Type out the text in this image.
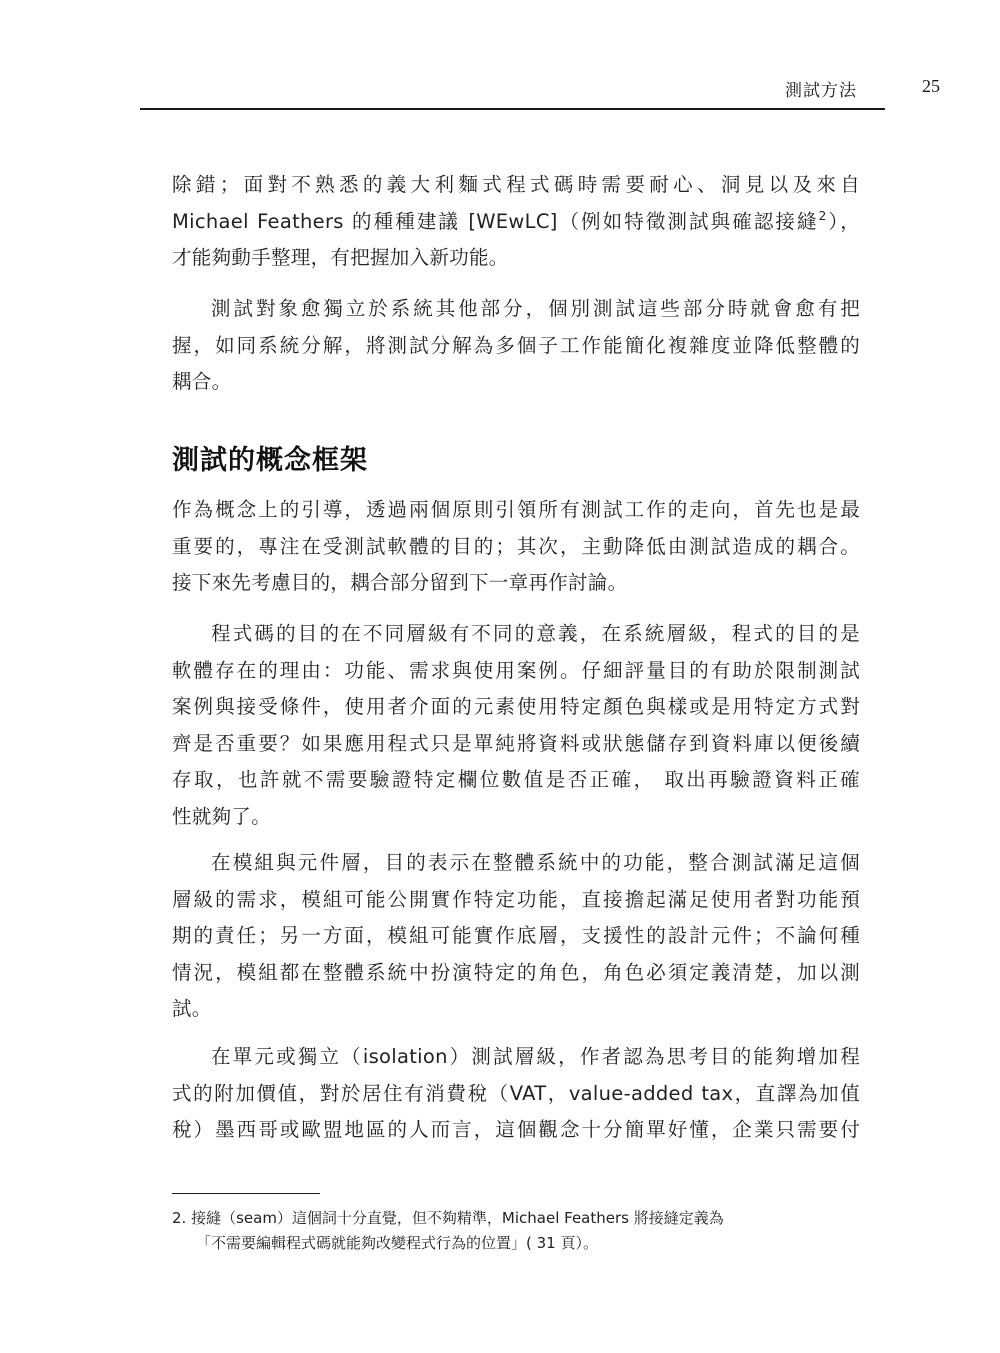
測試方法	25
除錯；面對不熟悉的義大利麵式程式碼時需要耐心、洞見以及來自
Michael Feathers 的種種建議 [WEwLC]（例如特徵測試與確認接縫$^2$），
才能夠動手整理，有把握加入新功能。
測試對象愈獨立於系統其他部分，個別測試這些部分時就會愈有把
握，如同系統分解，將測試分解為多個子工作能簡化複雜度並降低整體的
耦合。
測試的概念框架
作為概念上的引導，透過兩個原則引領所有測試工作的走向，首先也是最
重要的，專注在受測試軟體的目的；其次，主動降低由測試造成的耦合。
接下來先考慮目的，耦合部分留到下一章再作討論。
程式碼的目的在不同層級有不同的意義，在系統層級，程式的目的是
軟體存在的理由：功能、需求與使用案例。仔細評量目的有助於限制測試
案例與接受條件，使用者介面的元素使用特定顏色與樣或是用特定方式對
齊是否重要？如果應用程式只是單純將資料或狀態儲存到資料庫以便後續
存取，也許就不需要驗證特定欄位數值是否正確， 取出再驗證資料正確
性就夠了。
在模組與元件層，目的表示在整體系統中的功能，整合測試滿足這個
層級的需求，模組可能公開實作特定功能，直接擔起滿足使用者對功能預
期的責任；另一方面，模組可能實作底層，支援性的設計元件；不論何種
情況，模組都在整體系統中扮演特定的角色，角色必須定義清楚，加以測
試。
在單元或獨立（isolation）測試層級，作者認為思考目的能夠增加程
式的附加價值，對於居住有消費稅（VAT，value-added tax，直譯為加值
稅）墨西哥或歐盟地區的人而言，這個觀念十分簡單好懂，企業只需要付
2. 接縫（seam）這個詞十分直覺，但不夠精準，Michael Feathers 將接縫定義為
「不需要編輯程式碼就能夠改變程式行為的位置」( 31 頁）。
